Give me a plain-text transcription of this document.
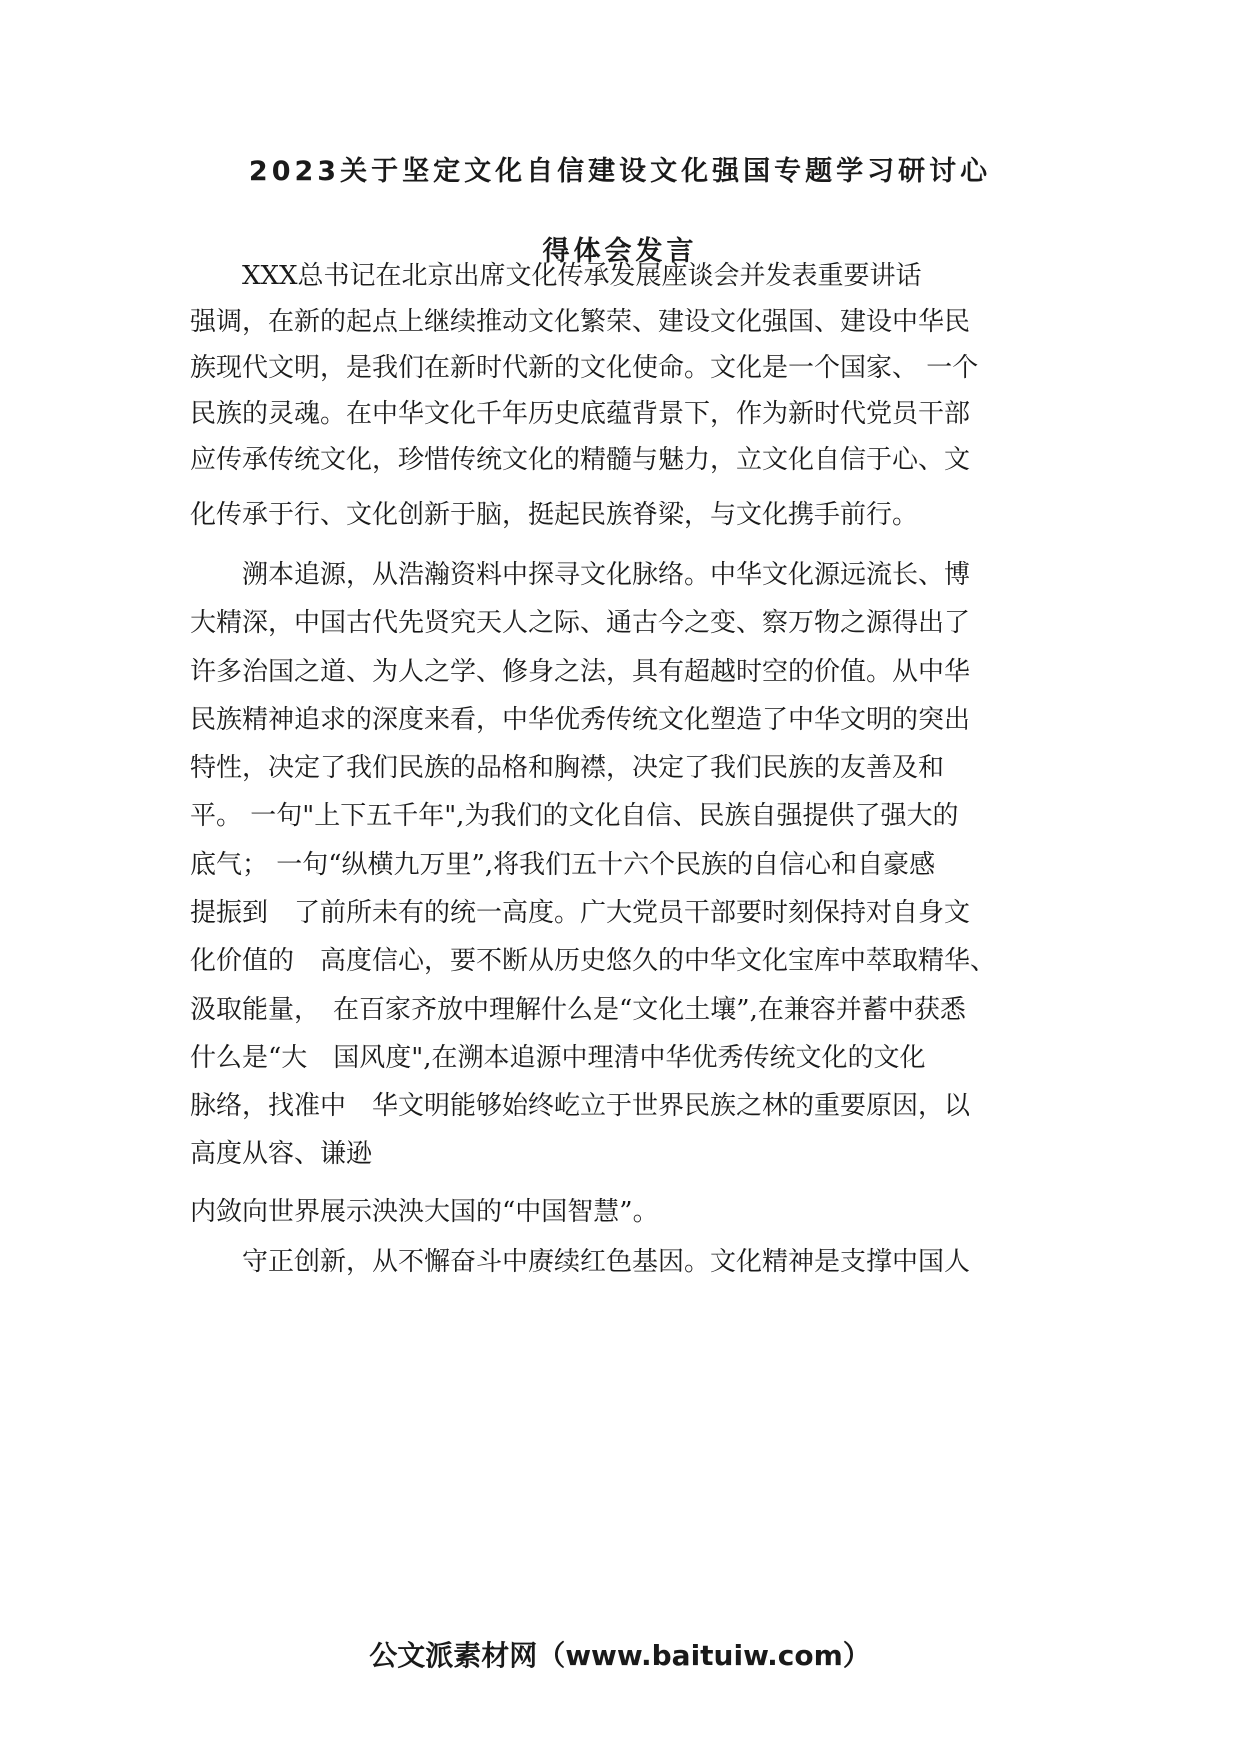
2023关于坚定文化自信建设文化强国专题学习研讨心
得体会发言

　　XXX总书记在北京出席文化传承发展座谈会并发表重要讲话

强调，在新的起点上继续推动文化繁荣、建设文化强国、建设中华民

族现代文明，是我们在新时代新的文化使命。文化是一个国家、 一个

民族的灵魂。在中华文化千年历史底蕴背景下，作为新时代党员干部

应传承传统文化，珍惜传统文化的精髓与魅力，立文化自信于心、文

化传承于行、文化创新于脑，挺起民族脊梁，与文化携手前行。

　　溯本追源，从浩瀚资料中探寻文化脉络。中华文化源远流长、博

大精深，中国古代先贤究天人之际、通古今之变、察万物之源得出了

许多治国之道、为人之学、修身之法，具有超越时空的价值。从中华

民族精神追求的深度来看，中华优秀传统文化塑造了中华文明的突出

特性，决定了我们民族的品格和胸襟，决定了我们民族的友善及和

平。 一句"上下五千年",为我们的文化自信、民族自强提供了强大的

底气； 一句“纵横九万里”,将我们五十六个民族的自信心和自豪感

提振到　了前所未有的统一高度。广大党员干部要时刻保持对自身文

化价值的　高度信心，要不断从历史悠久的中华文化宝库中萃取精华、

汲取能量，　在百家齐放中理解什么是“文化土壤”,在兼容并蓄中获悉

什么是“大　国风度",在溯本追源中理清中华优秀传统文化的文化

脉络，找准中　华文明能够始终屹立于世界民族之林的重要原因，以

高度从容、谦逊

内敛向世界展示泱泱大国的“中国智慧”。

　　守正创新，从不懈奋斗中赓续红色基因。文化精神是支撑中国人

公文派素材网（www.baituiw.com）
